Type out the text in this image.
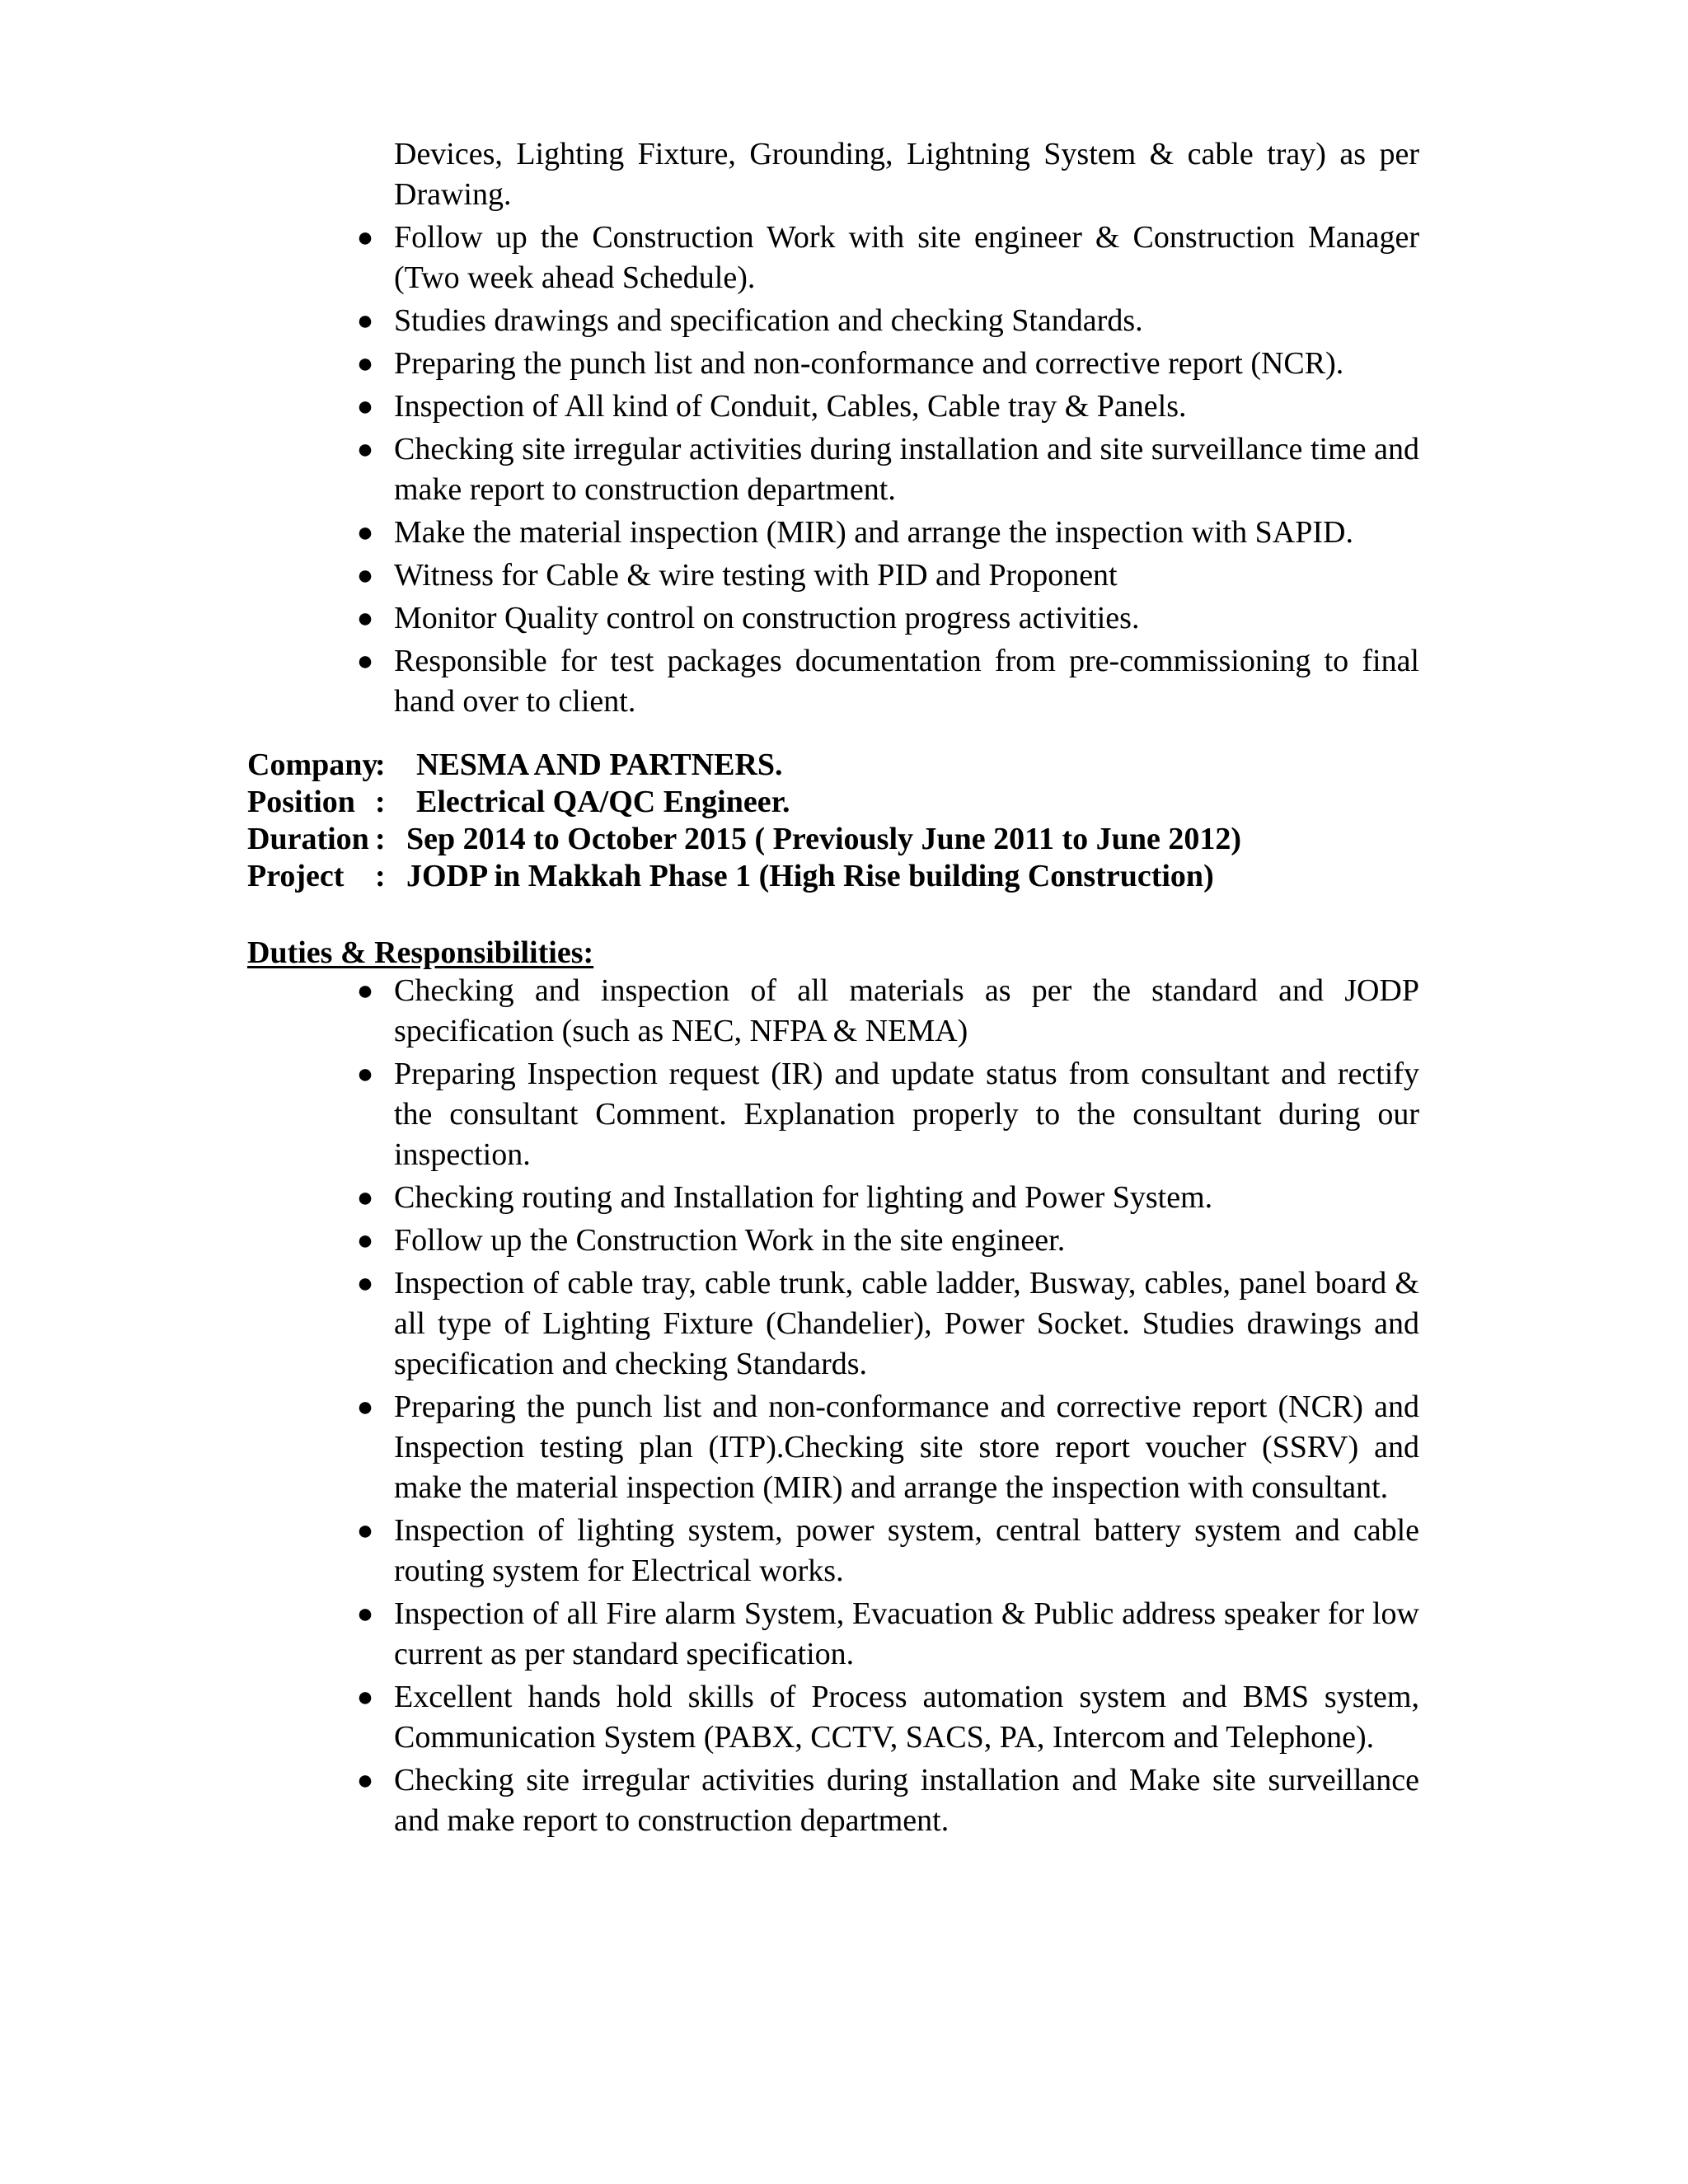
Devices, Lighting Fixture, Grounding, Lightning System & cable tray) as per Drawing.
● Follow up the Construction Work with site engineer & Construction Manager (Two week ahead Schedule).
● Studies drawings and specification and checking Standards.
● Preparing the punch list and non-conformance and corrective report (NCR).
● Inspection of All kind of Conduit, Cables, Cable tray & Panels.
● Checking site irregular activities during installation and site surveillance time and make report to construction department.
● Make the material inspection (MIR) and arrange the inspection with SAPID.
● Witness for Cable & wire testing with PID and Proponent
● Monitor Quality control on construction progress activities.
● Responsible for test packages documentation from pre-commissioning to final hand over to client.
Company
: NESMA AND PARTNERS.
Position : Electrical QA/QC Engineer.
Duration : Sep 2014 to October 2015 ( Previously June 2011 to June 2012)
Project : JODP in Makkah Phase 1 (High Rise building Construction)
Duties & Responsibilities:
● Checking and inspection of all materials as per the standard and JODP specification (such as NEC, NFPA & NEMA)
● Preparing Inspection request (IR) and update status from consultant and rectify the consultant Comment. Explanation properly to the consultant during our inspection.
● Checking routing and Installation for lighting and Power System.
● Follow up the Construction Work in the site engineer.
● Inspection of cable tray, cable trunk, cable ladder, Busway, cables, panel board & all type of Lighting Fixture (Chandelier), Power Socket. Studies drawings and specification and checking Standards.
● Preparing the punch list and non-conformance and corrective report (NCR) and Inspection testing plan (ITP).Checking site store report voucher (SSRV) and make the material inspection (MIR) and arrange the inspection with consultant.
● Inspection of lighting system, power system, central battery system and cable routing system for Electrical works.
● Inspection of all Fire alarm System, Evacuation & Public address speaker for low current as per standard specification.
● Excellent hands hold skills of Process automation system and BMS system, Communication System (PABX, CCTV, SACS, PA, Intercom and Telephone).
● Checking site irregular activities during installation and Make site surveillance and make report to construction department.
